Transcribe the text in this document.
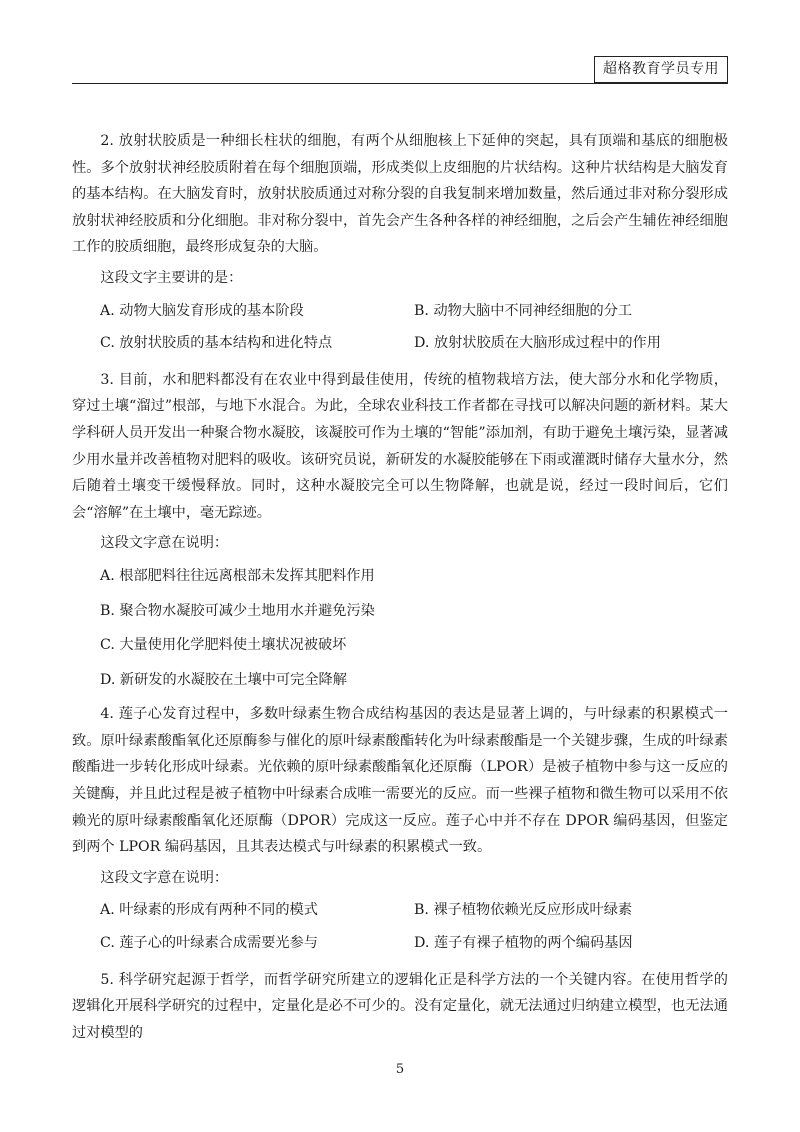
超格教育学员专用

2. 放射状胶质是一种细长柱状的细胞，有两个从细胞核上下延伸的突起，具有顶端和基底的细胞极性。多个放射状神经胶质附着在每个细胞顶端，形成类似上皮细胞的片状结构。这种片状结构是大脑发育的基本结构。在大脑发育时，放射状胶质通过对称分裂的自我复制来增加数量，然后通过非对称分裂形成放射状神经胶质和分化细胞。非对称分裂中，首先会产生各种各样的神经细胞，之后会产生辅佐神经细胞工作的胶质细胞，最终形成复杂的大脑。

这段文字主要讲的是：

A. 动物大脑发育形成的基本阶段	B. 动物大脑中不同神经细胞的分工
C. 放射状胶质的基本结构和进化特点	D. 放射状胶质在大脑形成过程中的作用

3. 目前，水和肥料都没有在农业中得到最佳使用，传统的植物栽培方法，使大部分水和化学物质，穿过土壤“溜过”根部，与地下水混合。为此，全球农业科技工作者都在寻找可以解决问题的新材料。某大学科研人员开发出一种聚合物水凝胶，该凝胶可作为土壤的“智能”添加剂，有助于避免土壤污染，显著减少用水量并改善植物对肥料的吸收。该研究员说，新研发的水凝胶能够在下雨或灌溉时储存大量水分，然后随着土壤变干缓慢释放。同时，这种水凝胶完全可以生物降解，也就是说，经过一段时间后，它们会“溶解”在土壤中，毫无踪迹。

这段文字意在说明：

A. 根部肥料往往远离根部未发挥其肥料作用
B. 聚合物水凝胶可减少土地用水并避免污染
C. 大量使用化学肥料使土壤状况被破坏
D. 新研发的水凝胶在土壤中可完全降解

4. 莲子心发育过程中，多数叶绿素生物合成结构基因的表达是显著上调的，与叶绿素的积累模式一致。原叶绿素酸酯氧化还原酶参与催化的原叶绿素酸酯转化为叶绿素酸酯是一个关键步骤，生成的叶绿素酸酯进一步转化形成叶绿素。光依赖的原叶绿素酸酯氧化还原酶（LPOR）是被子植物中参与这一反应的关键酶，并且此过程是被子植物中叶绿素合成唯一需要光的反应。而一些裸子植物和微生物可以采用不依赖光的原叶绿素酸酯氧化还原酶（DPOR）完成这一反应。莲子心中并不存在 DPOR 编码基因，但鉴定到两个 LPOR 编码基因，且其表达模式与叶绿素的积累模式一致。

这段文字意在说明：

A. 叶绿素的形成有两种不同的模式	B. 裸子植物依赖光反应形成叶绿素
C. 莲子心的叶绿素合成需要光参与	D. 莲子有裸子植物的两个编码基因

5. 科学研究起源于哲学，而哲学研究所建立的逻辑化正是科学方法的一个关键内容。在使用哲学的逻辑化开展科学研究的过程中，定量化是必不可少的。没有定量化，就无法通过归纳建立模型，也无法通过对模型的

5
